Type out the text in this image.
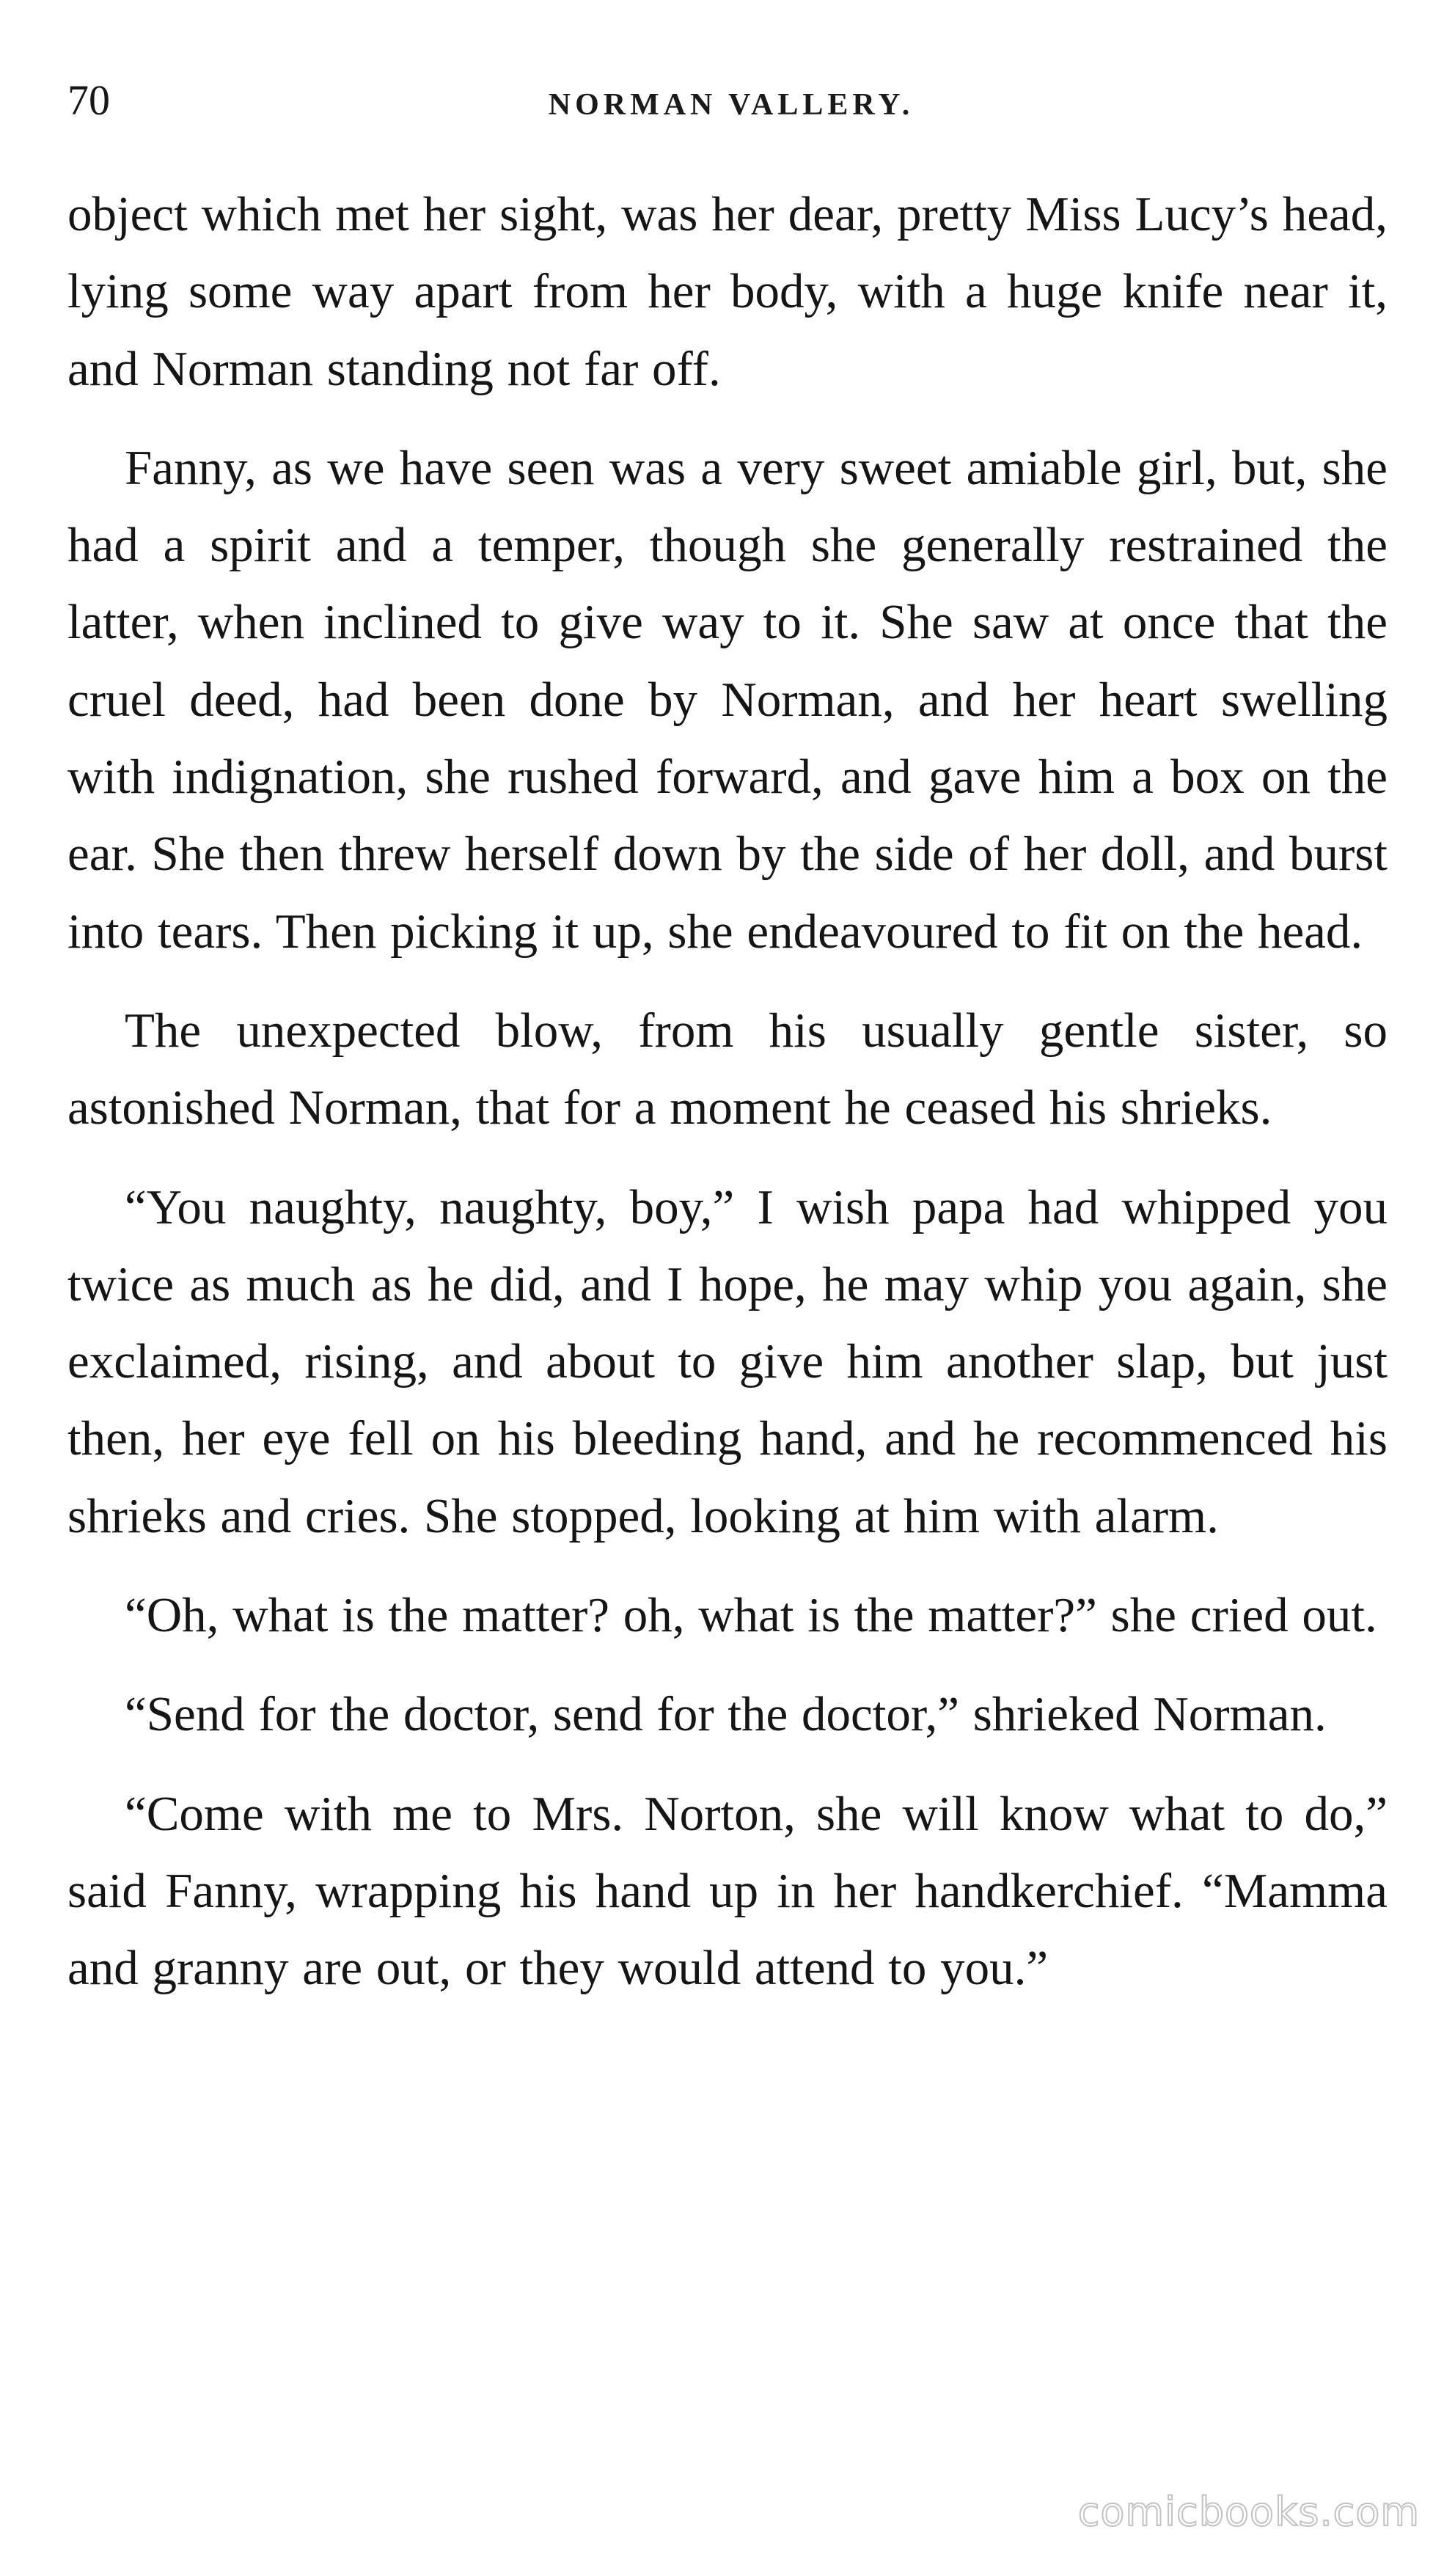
70	NORMAN VALLERY.

object which met her sight, was her dear, pretty Miss Lucy’s head, lying some way apart from her body, with a huge knife near it, and Norman standing not far off.

Fanny, as we have seen was a very sweet amiable girl, but, she had a spirit and a temper, though she generally restrained the latter, when inclined to give way to it. She saw at once that the cruel deed, had been done by Norman, and her heart swelling with indignation, she rushed forward, and gave him a box on the ear. She then threw herself down by the side of her doll, and burst into tears. Then picking it up, she endeavoured to fit on the head.

The unexpected blow, from his usually gentle sister, so astonished Norman, that for a moment he ceased his shrieks.

“You naughty, naughty, boy,” I wish papa had whipped you twice as much as he did, and I hope, he may whip you again, she exclaimed, rising, and about to give him another slap, but just then, her eye fell on his bleeding hand, and he recommenced his shrieks and cries. She stopped, looking at him with alarm.

“Oh, what is the matter? oh, what is the matter?” she cried out.

“Send for the doctor, send for the doctor,” shrieked Norman.

“Come with me to Mrs. Norton, she will know what to do,” said Fanny, wrapping his hand up in her handkerchief. “Mamma and granny are out, or they would attend to you.”

comicbooks.com
